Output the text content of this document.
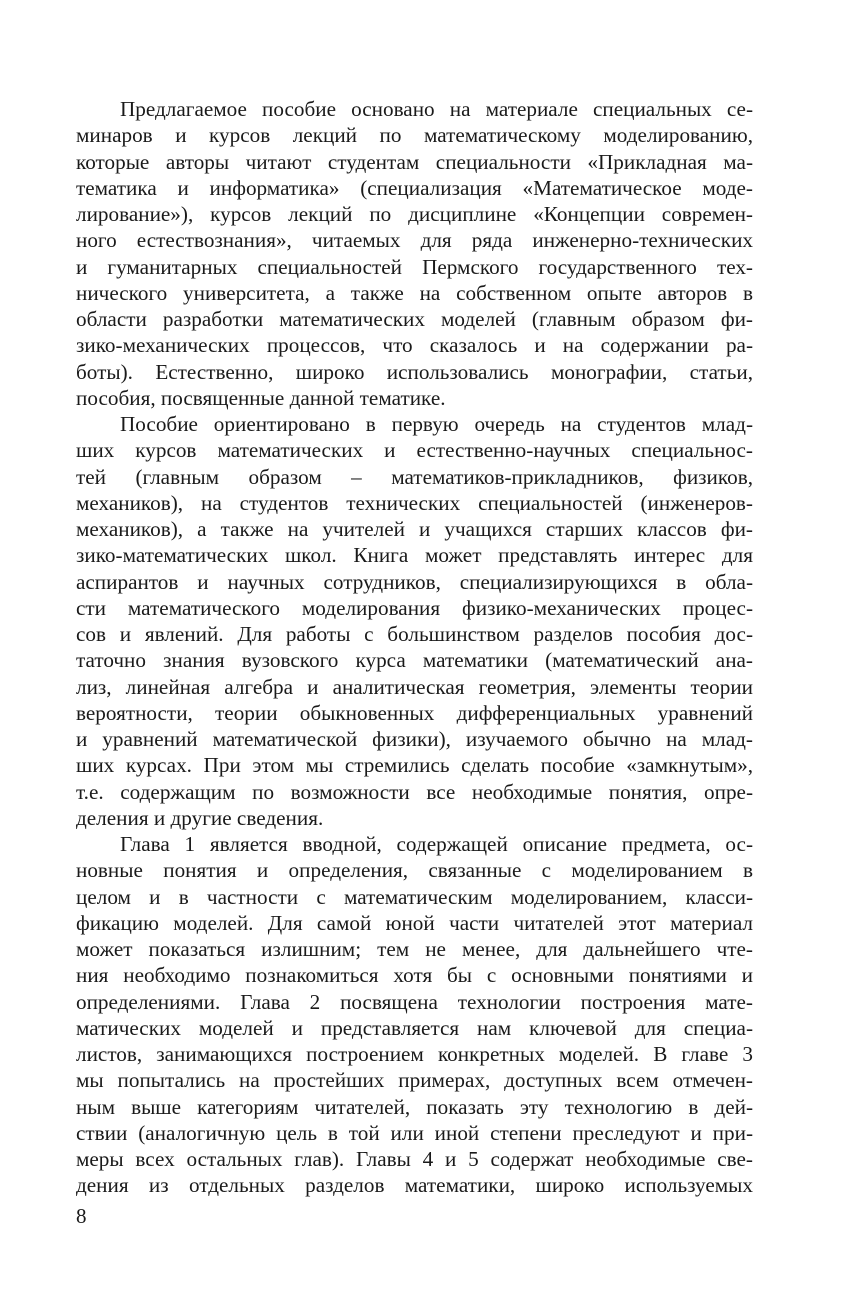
Предлагаемое пособие основано на материале специальных се-
минаров и курсов лекций по математическому моделированию,
которые авторы читают студентам специальности «Прикладная ма-
тематика и информатика» (специализация «Математическое моде-
лирование»), курсов лекций по дисциплине «Концепции современ-
ного естествознания», читаемых для ряда инженерно-технических
и гуманитарных специальностей Пермского государственного тех-
нического университета, а также на собственном опыте авторов в
области разработки математических моделей (главным образом фи-
зико-механических процессов, что сказалось и на содержании ра-
боты). Естественно, широко использовались монографии, статьи,
пособия, посвященные данной тематике.
Пособие ориентировано в первую очередь на студентов млад-
ших курсов математических и естественно-научных специальнос-
тей (главным образом – математиков-прикладников, физиков,
механиков), на студентов технических специальностей (инженеров-
механиков), а также на учителей и учащихся старших классов фи-
зико-математических школ. Книга может представлять интерес для
аспирантов и научных сотрудников, специализирующихся в обла-
сти математического моделирования физико-механических процес-
сов и явлений. Для работы с большинством разделов пособия дос-
таточно знания вузовского курса математики (математический ана-
лиз, линейная алгебра и аналитическая геометрия, элементы теории
вероятности, теории обыкновенных дифференциальных уравнений
и уравнений математической физики), изучаемого обычно на млад-
ших курсах. При этом мы стремились сделать пособие «замкнутым»,
т.е. содержащим по возможности все необходимые понятия, опре-
деления и другие сведения.
Глава 1 является вводной, содержащей описание предмета, ос-
новные понятия и определения, связанные с моделированием в
целом и в частности с математическим моделированием, класси-
фикацию моделей. Для самой юной части читателей этот материал
может показаться излишним; тем не менее, для дальнейшего чте-
ния необходимо познакомиться хотя бы с основными понятиями и
определениями. Глава 2 посвящена технологии построения мате-
матических моделей и представляется нам ключевой для специа-
листов, занимающихся построением конкретных моделей. В главе 3
мы попытались на простейших примерах, доступных всем отмечен-
ным выше категориям читателей, показать эту технологию в дей-
ствии (аналогичную цель в той или иной степени преследуют и при-
меры всех остальных глав). Главы 4 и 5 содержат необходимые све-
дения из отдельных разделов математики, широко используемых
8
